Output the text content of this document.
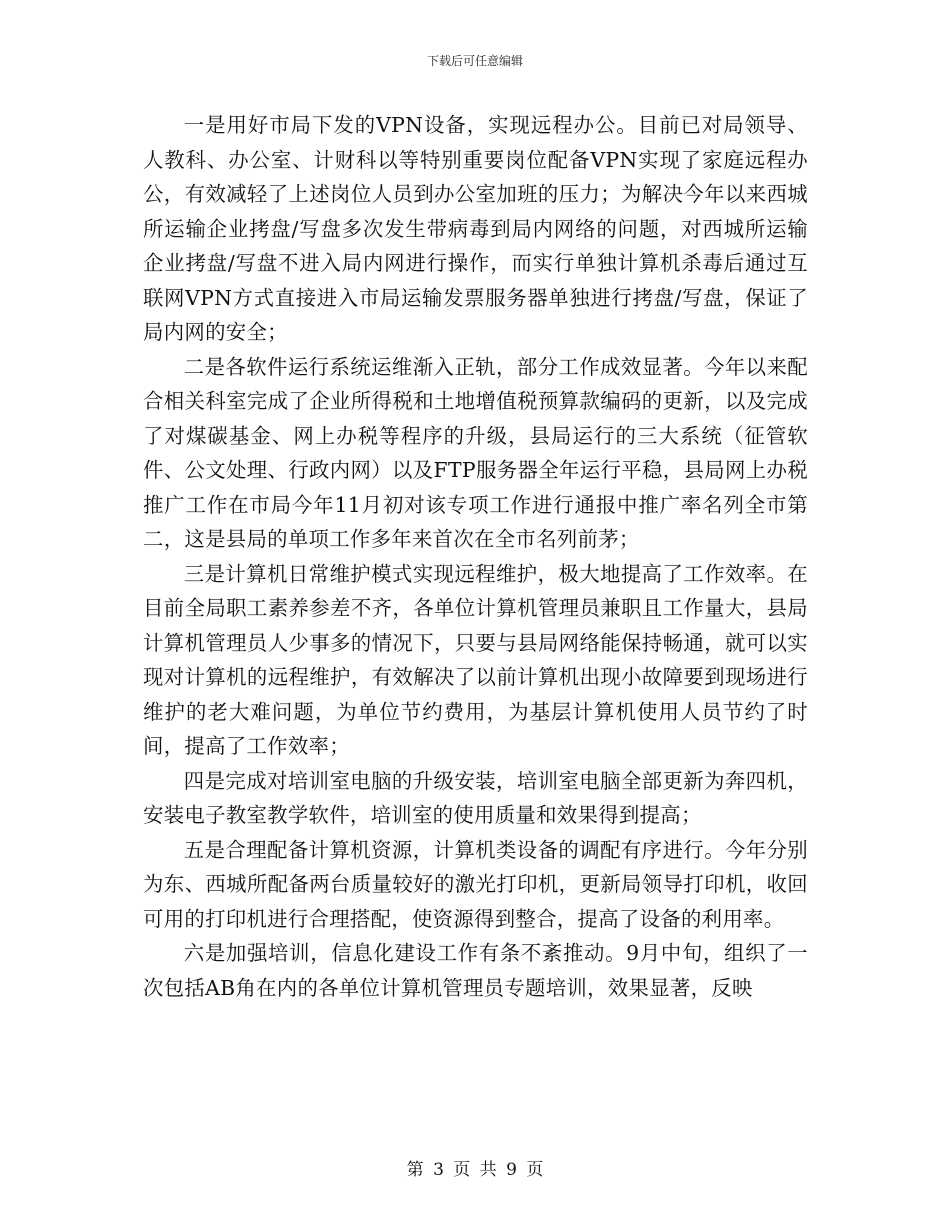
下载后可任意编辑

一是用好市局下发的VPN设备，实现远程办公。目前已对局领导、人教科、办公室、计财科以等特别重要岗位配备VPN实现了家庭远程办公，有效减轻了上述岗位人员到办公室加班的压力；为解决今年以来西城所运输企业拷盘/写盘多次发生带病毒到局内网络的问题，对西城所运输企业拷盘/写盘不进入局内网进行操作，而实行单独计算机杀毒后通过互联网VPN方式直接进入市局运输发票服务器单独进行拷盘/写盘，保证了局内网的安全；

二是各软件运行系统运维渐入正轨，部分工作成效显著。今年以来配合相关科室完成了企业所得税和土地增值税预算款编码的更新，以及完成了对煤碳基金、网上办税等程序的升级，县局运行的三大系统（征管软件、公文处理、行政内网）以及FTP服务器全年运行平稳，县局网上办税推广工作在市局今年11月初对该专项工作进行通报中推广率名列全市第二，这是县局的单项工作多年来首次在全市名列前茅；

三是计算机日常维护模式实现远程维护，极大地提高了工作效率。在目前全局职工素养参差不齐，各单位计算机管理员兼职且工作量大，县局计算机管理员人少事多的情况下，只要与县局网络能保持畅通，就可以实现对计算机的远程维护，有效解决了以前计算机出现小故障要到现场进行维护的老大难问题，为单位节约费用，为基层计算机使用人员节约了时间，提高了工作效率；

四是完成对培训室电脑的升级安装，培训室电脑全部更新为奔四机，安装电子教室教学软件，培训室的使用质量和效果得到提高；

五是合理配备计算机资源，计算机类设备的调配有序进行。今年分别为东、西城所配备两台质量较好的激光打印机，更新局领导打印机，收回可用的打印机进行合理搭配，使资源得到整合，提高了设备的利用率。

六是加强培训，信息化建设工作有条不紊推动。9月中旬，组织了一次包括AB角在内的各单位计算机管理员专题培训，效果显著，反映

第 3 页 共 9 页
